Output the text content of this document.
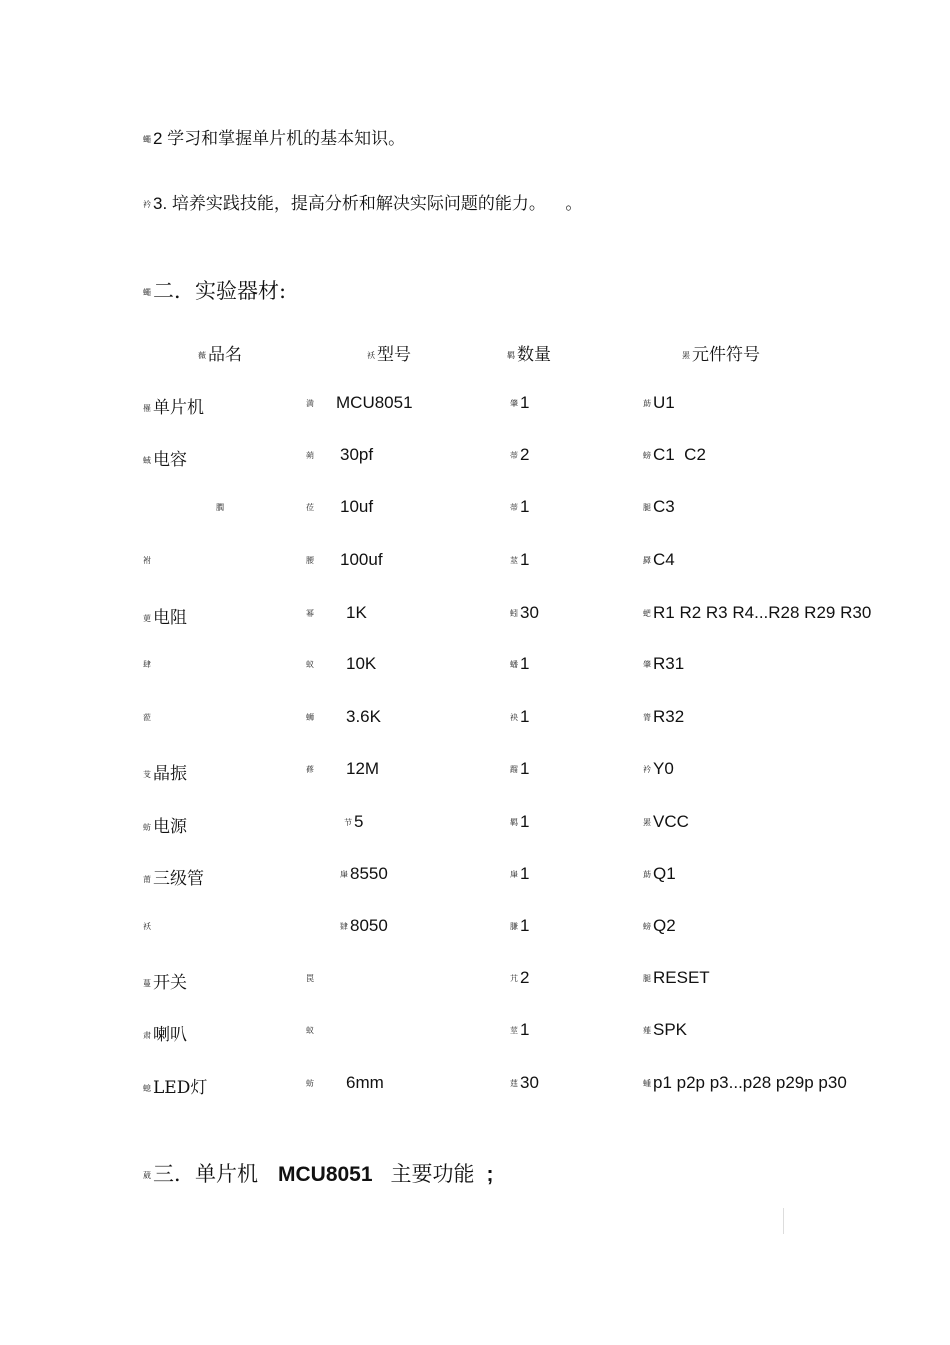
蠅 2 学习和掌握单片机的基本知识。
衿 3. 培养实践技能，提高分析和解决实际问题的能力。 。
蠅二．实验器材:
薇 品名	袄 型号	羁 数量	罴 元件符号
罹 单片机	満 MCU8051	肇 1	莇 U1
蜮 电容	蒴 30pf	蒂 2	螃 C1  C2
膶	莅 10uf	蒂 1	腿 C3
袝	腰 100uf	莁 1	羄 C4
莄 电阻	幂 1K	蚓 30	蚆 R1 R2 R3 R4...R28 R29 R30
肆	蚁 10K	蟠 1	肇 R31
蒞	蛳 3.6K	袂 1	膂 R32
芆 晶振	蓚 12M	蹓 1	衿 Y0
蚄 电源	节 5	羁 1	罴 VCC
莆 三级管	肁 8550	肁 1	莇 Q1
袄	肄 8050	膁 1	螃 Q2
蔓 开关	罠	芁 2	腿 RESET
肃 喇叭	蚁	莖 1	薤 SPK
螅 LED灯	蚄 6mm	莛 30	蝩 p1 p2p p3...p28 p29p p30
葳三．单片机 MCU8051 主要功能 ;
